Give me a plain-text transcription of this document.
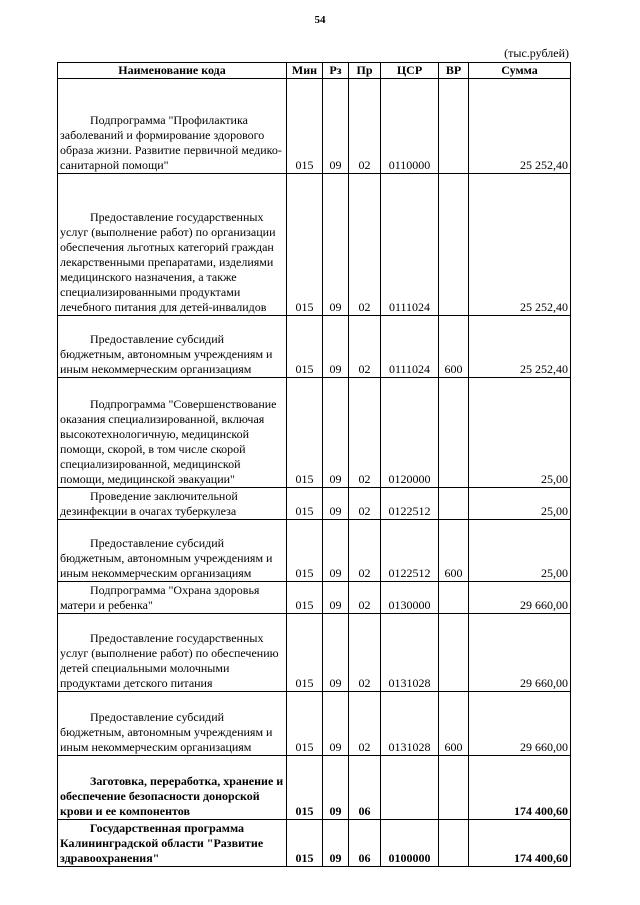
54
(тыс.рублей)
Наименование кода	Мин	Рз	Пр	ЦСР	ВР	Сумма
Подпрограмма "Профилактика заболеваний и формирование здорового образа жизни. Развитие первичной медико-санитарной помощи"	015	09	02	0110000		25 252,40
Предоставление государственных услуг (выполнение работ) по организации обеспечения льготных категорий граждан лекарственными препаратами, изделиями медицинского назначения, а также специализированными продуктами лечебного питания для детей-инвалидов	015	09	02	0111024		25 252,40
Предоставление субсидий бюджетным, автономным учреждениям и иным некоммерческим организациям	015	09	02	0111024	600	25 252,40
Подпрограмма "Совершенствование оказания специализированной, включая высокотехнологичную, медицинской помощи, скорой, в том числе скорой специализированной, медицинской помощи, медицинской эвакуации"	015	09	02	0120000		25,00
Проведение заключительной дезинфекции в очагах туберкулеза	015	09	02	0122512		25,00
Предоставление субсидий бюджетным, автономным учреждениям и иным некоммерческим организациям	015	09	02	0122512	600	25,00
Подпрограмма "Охрана здоровья матери и ребенка"	015	09	02	0130000		29 660,00
Предоставление государственных услуг (выполнение работ) по обеспечению детей специальными молочными продуктами детского питания	015	09	02	0131028		29 660,00
Предоставление субсидий бюджетным, автономным учреждениям и иным некоммерческим организациям	015	09	02	0131028	600	29 660,00
Заготовка, переработка, хранение и обеспечение безопасности донорской крови и ее компонентов	015	09	06			174 400,60
Государственная программа Калининградской области "Развитие здравоохранения"	015	09	06	0100000		174 400,60
